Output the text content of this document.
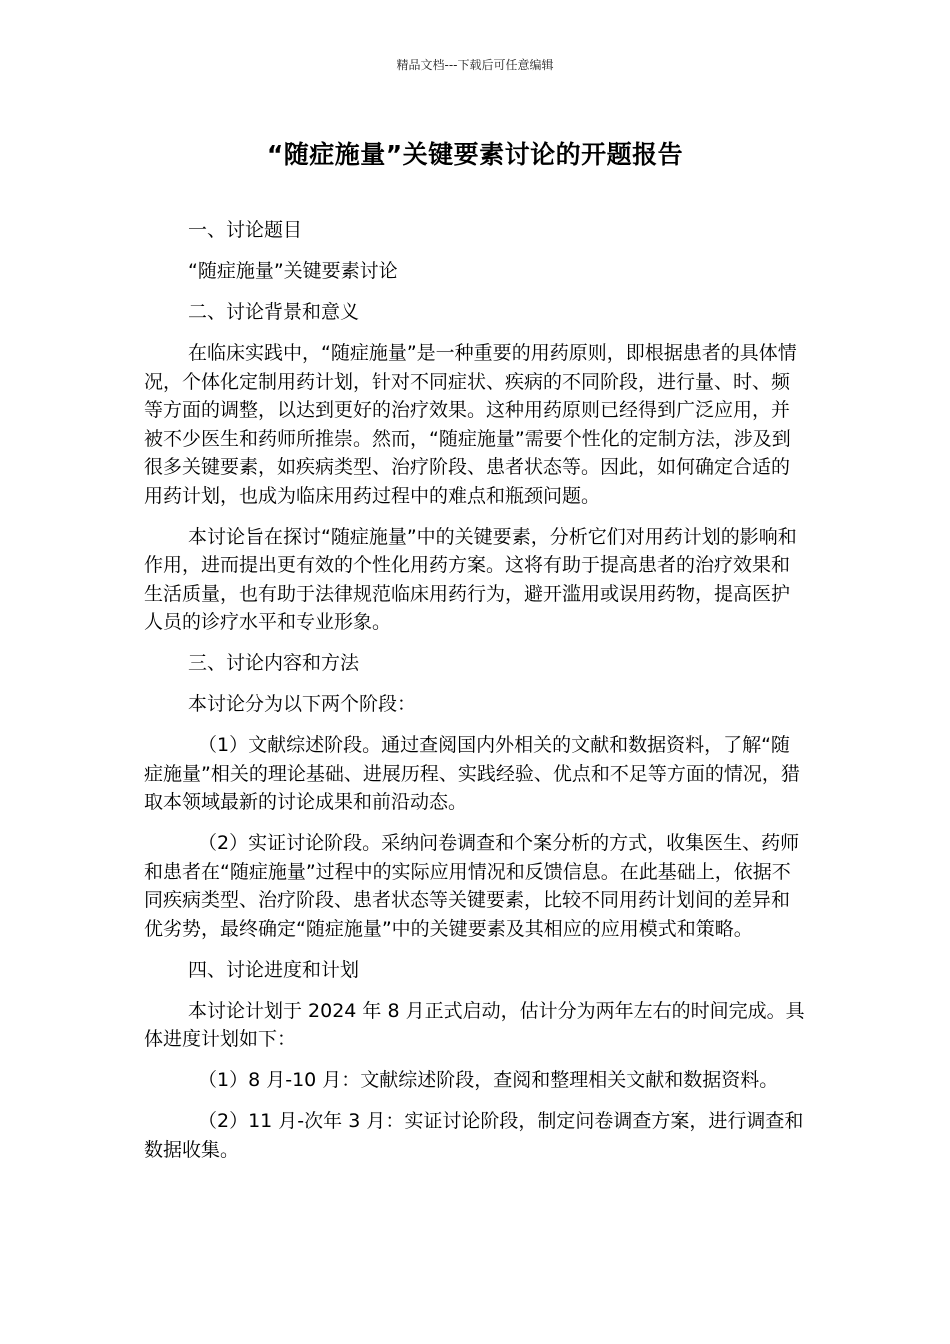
精品文档---下载后可任意编辑
“随症施量”关键要素讨论的开题报告

一、讨论题目

“随症施量”关键要素讨论

二、讨论背景和意义

在临床实践中，“随症施量”是一种重要的用药原则，即根据患者的具体情况，个体化定制用药计划，针对不同症状、疾病的不同阶段，进行量、时、频等方面的调整，以达到更好的治疗效果。这种用药原则已经得到广泛应用，并被不少医生和药师所推崇。然而，“随症施量”需要个性化的定制方法，涉及到很多关键要素，如疾病类型、治疗阶段、患者状态等。因此，如何确定合适的用药计划，也成为临床用药过程中的难点和瓶颈问题。

本讨论旨在探讨“随症施量”中的关键要素，分析它们对用药计划的影响和作用，进而提出更有效的个性化用药方案。这将有助于提高患者的治疗效果和生活质量，也有助于法律规范临床用药行为，避开滥用或误用药物，提高医护人员的诊疗水平和专业形象。

三、讨论内容和方法

本讨论分为以下两个阶段：

（1）文献综述阶段。通过查阅国内外相关的文献和数据资料，了解“随症施量”相关的理论基础、进展历程、实践经验、优点和不足等方面的情况，猎取本领域最新的讨论成果和前沿动态。

（2）实证讨论阶段。采纳问卷调查和个案分析的方式，收集医生、药师和患者在“随症施量”过程中的实际应用情况和反馈信息。在此基础上，依据不同疾病类型、治疗阶段、患者状态等关键要素，比较不同用药计划间的差异和优劣势，最终确定“随症施量”中的关键要素及其相应的应用模式和策略。

四、讨论进度和计划

本讨论计划于 2024 年 8 月正式启动，估计分为两年左右的时间完成。具体进度计划如下：

（1）8 月-10 月：文献综述阶段，查阅和整理相关文献和数据资料。

（2）11 月-次年 3 月：实证讨论阶段，制定问卷调查方案，进行调查和数据收集。
